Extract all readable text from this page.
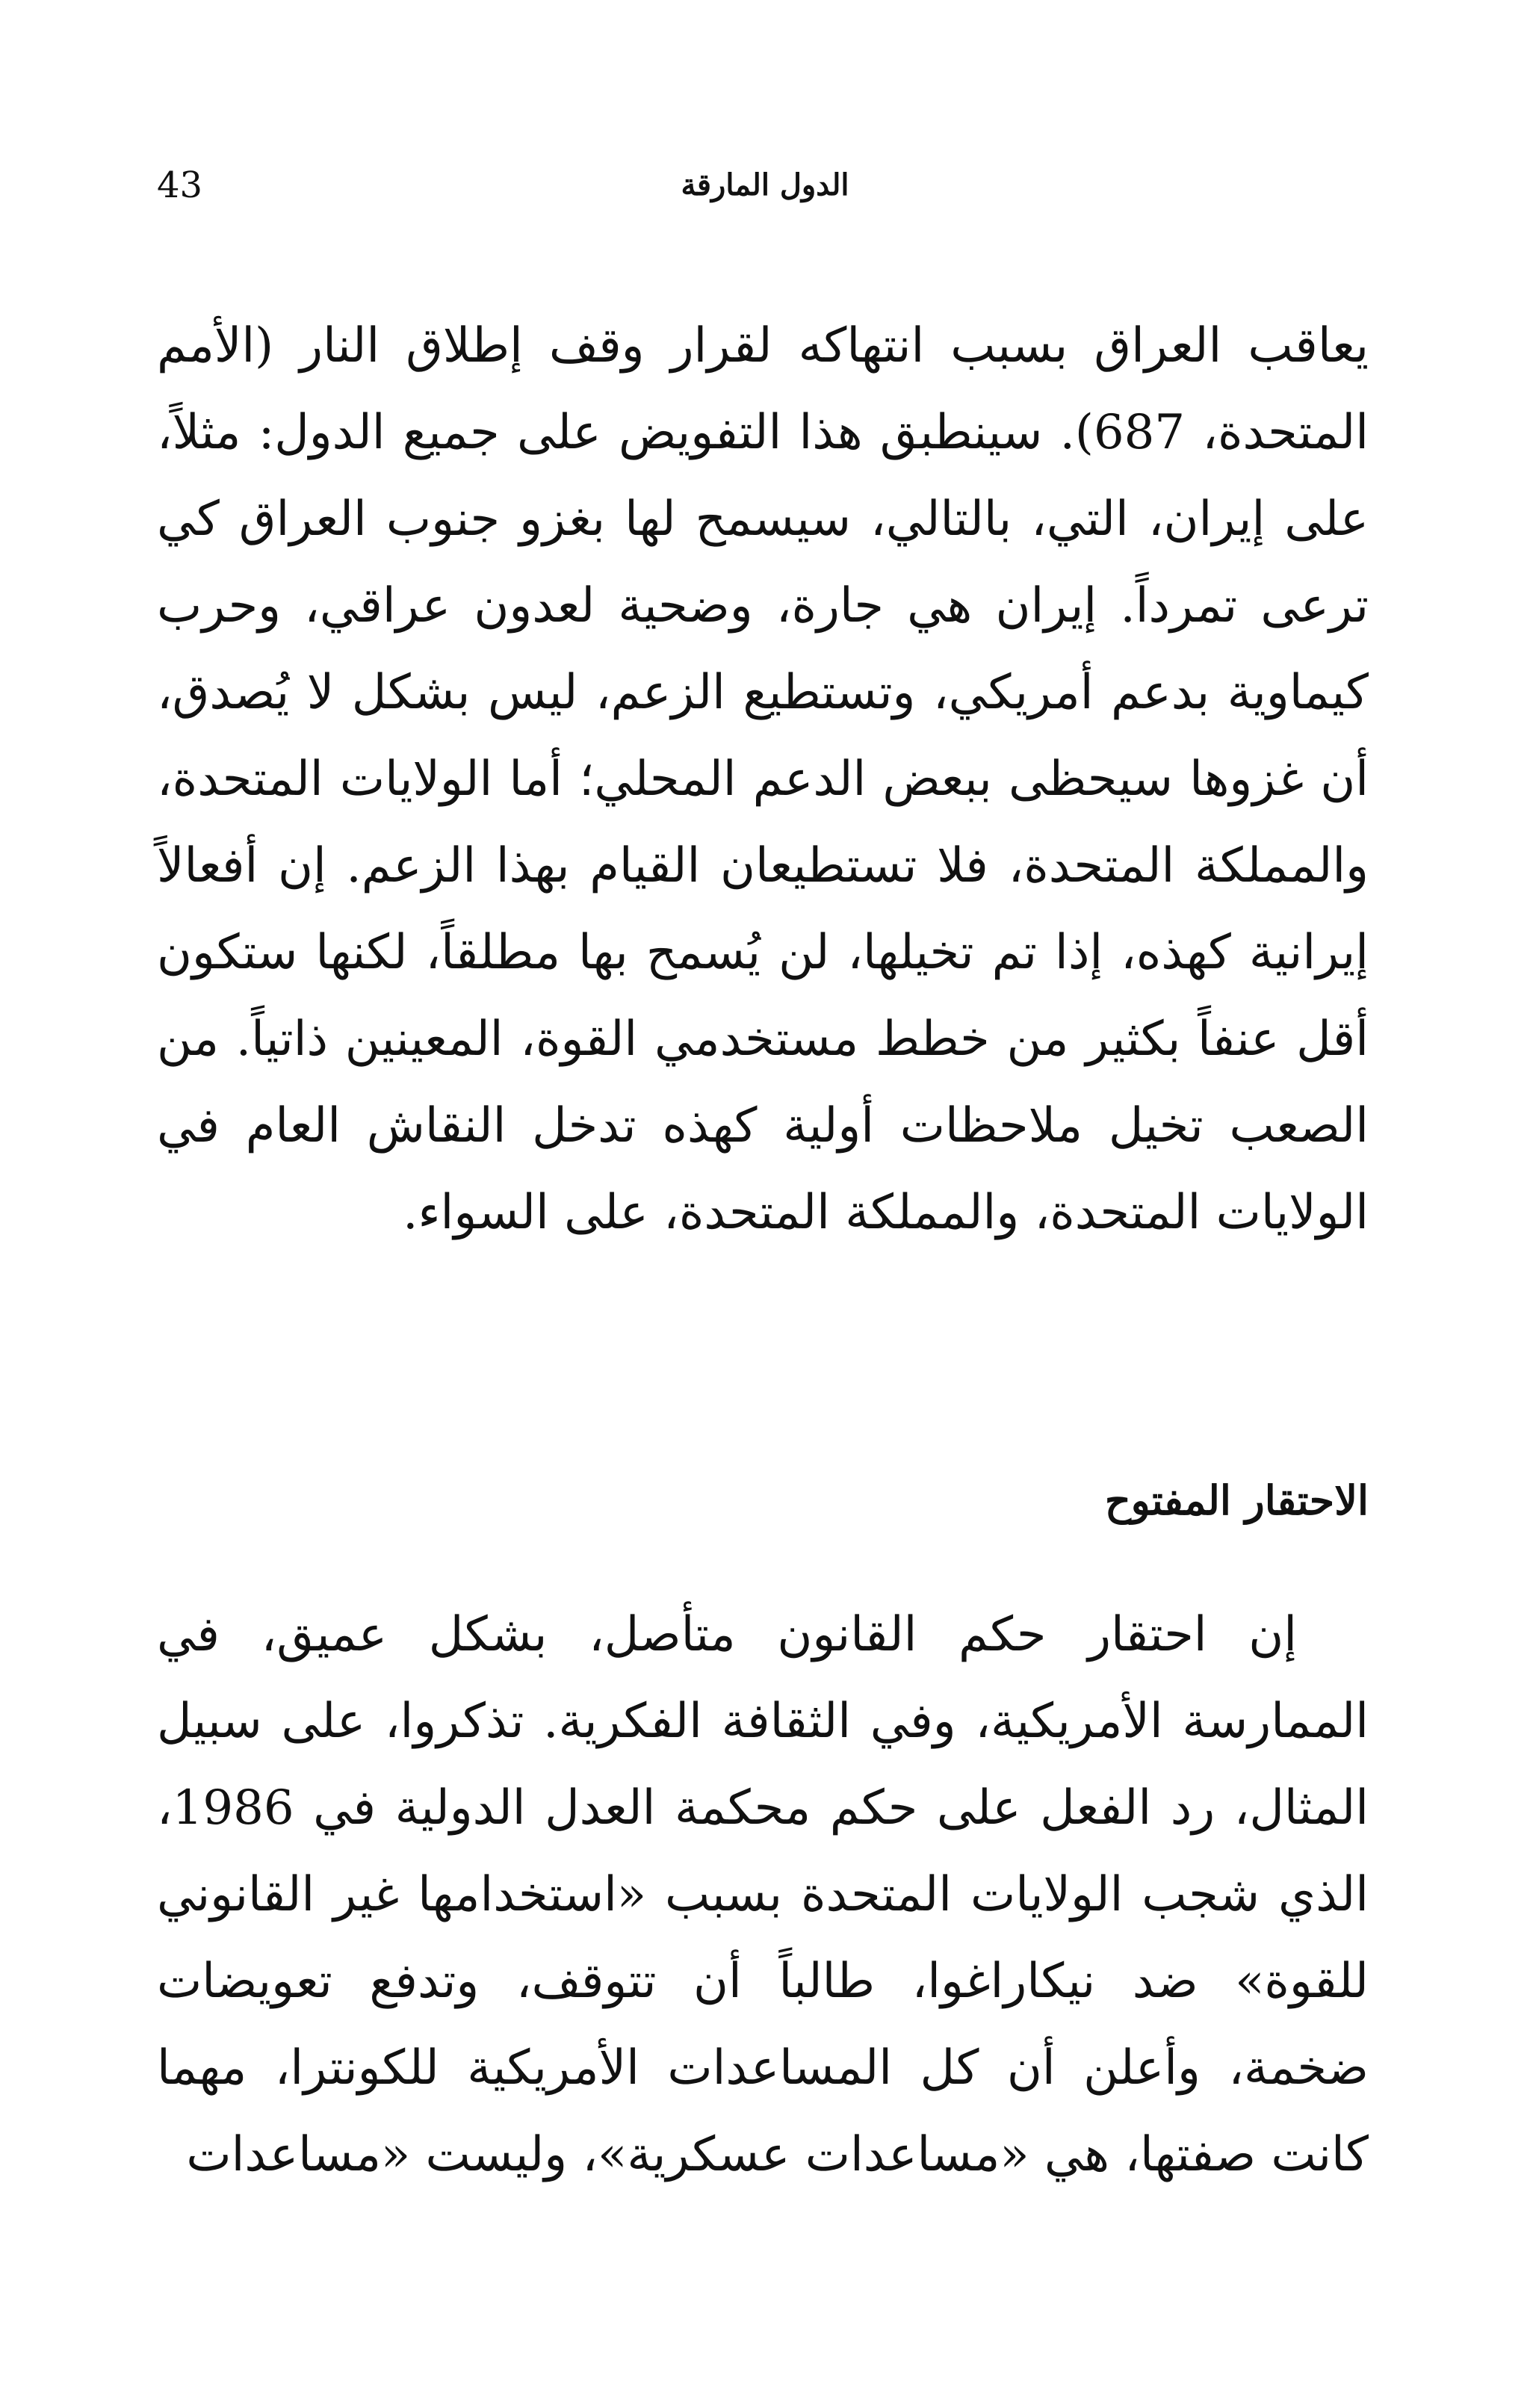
43	الدول المارقة

يعاقب العراق بسبب انتهاكه لقرار وقف إطلاق النار (الأمم المتحدة، 687). سينطبق هذا التفويض على جميع الدول: مثلاً، على إيران، التي، بالتالي، سيسمح لها بغزو جنوب العراق كي ترعى تمرداً. إيران هي جارة، وضحية لعدون عراقي، وحرب كيماوية بدعم أمريكي، وتستطيع الزعم، ليس بشكل لا يُصدق، أن غزوها سيحظى ببعض الدعم المحلي؛ أما الولايات المتحدة، والمملكة المتحدة، فلا تستطيعان القيام بهذا الزعم. إن أفعالاً إيرانية كهذه، إذا تم تخيلها، لن يُسمح بها مطلقاً، لكنها ستكون أقل عنفاً بكثير من خطط مستخدمي القوة، المعينين ذاتياً. من الصعب تخيل ملاحظات أولية كهذه تدخل النقاش العام في الولايات المتحدة، والمملكة المتحدة، على السواء.

الاحتقار المفتوح

إن احتقار حكم القانون متأصل، بشكل عميق، في الممارسة الأمريكية، وفي الثقافة الفكرية. تذكروا، على سبيل المثال، رد الفعل على حكم محكمة العدل الدولية في 1986، الذي شجب الولايات المتحدة بسبب «استخدامها غير القانوني للقوة» ضد نيكاراغوا، طالباً أن تتوقف، وتدفع تعويضات ضخمة، وأعلن أن كل المساعدات الأمريكية للكونترا، مهما كانت صفتها، هي «مساعدات عسكرية»، وليست «مساعدات
